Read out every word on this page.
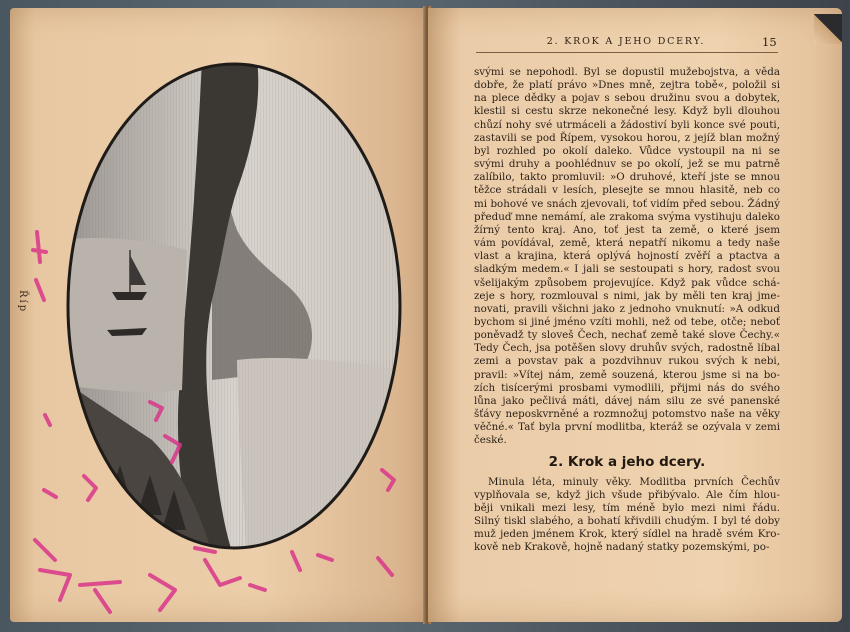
Říp
2. KROK A JEHO DCERY.	15

svými se nepohodl. Byl se dopustil mužebojstva, a věda
dobře, že platí právo »Dnes mně, zejtra tobě«, položil si
na plece dědky a pojav s sebou družinu svou a dobytek,
klestil si cestu skrze nekonečné lesy. Když byli dlouhou
chůzí nohy své utrmáceli a žádostiví byli konce své pouti,
zastavili se pod Řípem, vysokou horou, z jejíž blan možný
byl rozhled po okolí daleko. Vůdce vystoupil na ni se
svými druhy a poohlédnuv se po okolí, jež se mu patrně
zalíbilo, takto promluvil: »O druhové, kteří jste se mnou
těžce strádali v lesích, plesejte se mnou hlasitě, neb co
mi bohové ve snách zjevovali, toť vidím před sebou. Žádný
předuď mne nemámí, ale zrakoma svýma vystihuju daleko
žírný tento kraj. Ano, toť jest ta země, o které jsem
vám povídával, země, která nepatří nikomu a tedy naše
vlast a krajina, která oplývá hojností zvěří a ptactva a
sladkým medem.« I jali se sestoupati s hory, radost svou
všelijakým způsobem projevujíce. Když pak vůdce schá-
zeje s hory, rozmlouval s nimi, jak by měli ten kraj jme-
novati, pravili všichni jako z jednoho vnuknutí: »A odkud
bychom si jiné jméno vzíti mohli, než od tebe, otče; neboť
poněvadž ty sloveš Čech, nechať země také slove Čechy.«
Tedy Čech, jsa potěšen slovy druhův svých, radostně líbal
zemi a povstav pak a pozdvihnuv rukou svých k nebi,
pravil: »Vítej nám, země souzená, kterou jsme si na bo-
zích tisícerými prosbami vymodlili, přijmi nás do svého
lůna jako pečlivá máti, dávej nám silu ze své panenské
šťávy neposkvrněné a rozmnožuj potomstvo naše na věky
věčné.« Tať byla první modlitba, kteráž se ozývala v zemi
české.

2. Krok a jeho dcery.

Minula léta, minuly věky. Modlitba prvních Čechův
vyplňovala se, když jich všude přibývalo. Ale čím hlou-
běji vnikali mezi lesy, tím méně bylo mezi nimi řádu.
Silný tiskl slabého, a bohatí křivdili chudým. I byl té doby
muž jeden jménem Krok, který sídlel na hradě svém Kro-
kově neb Krakově, hojně nadaný statky pozemskými, po-
